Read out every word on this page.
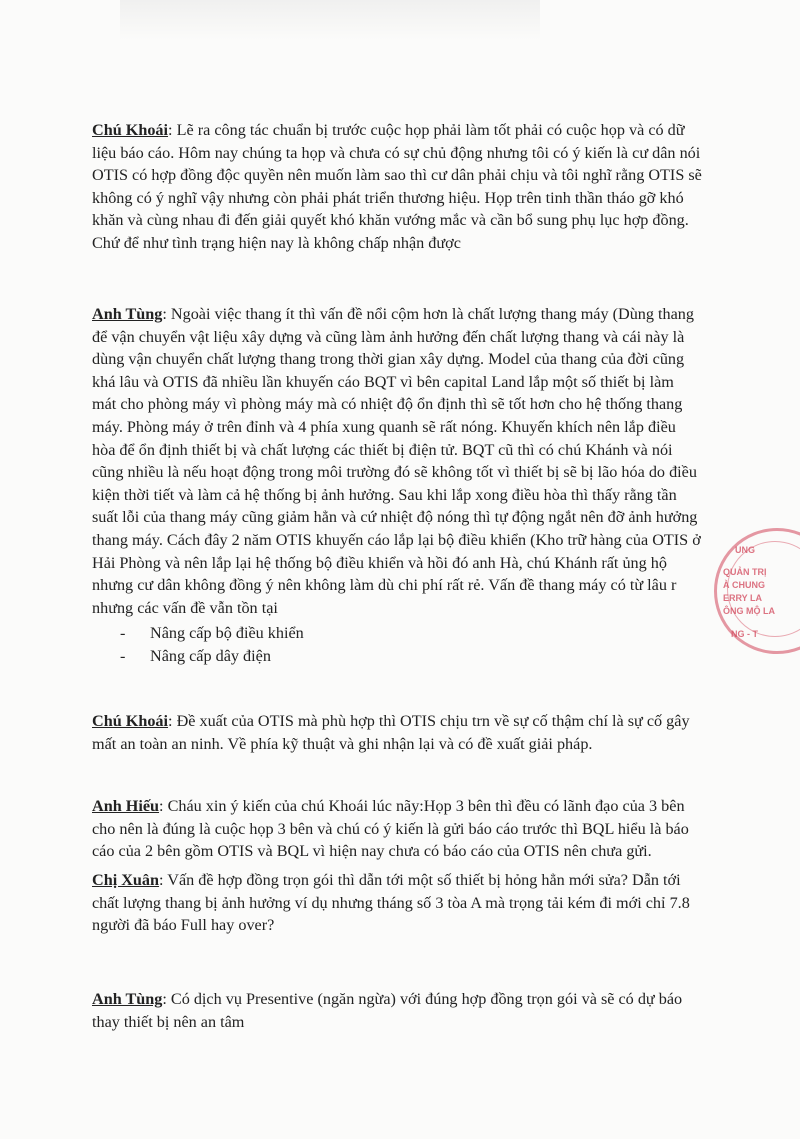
Chú Khoái: Lẽ ra công tác chuẩn bị trước cuộc họp phải làm tốt phải có cuộc họp và có dữ liệu báo cáo. Hôm nay chúng ta họp và chưa có sự chủ động nhưng tôi có ý kiến là cư dân nói OTIS có hợp đồng độc quyền nên muốn làm sao thì cư dân phải chịu và tôi nghĩ rằng OTIS sẽ không có ý nghĩ vậy nhưng còn phải phát triển thương hiệu. Họp trên tinh thần tháo gỡ khó khăn và cùng nhau đi đến giải quyết khó khăn vướng mắc và cần bổ sung phụ lục hợp đồng. Chứ để như tình trạng hiện nay là không chấp nhận được

Anh Tùng: Ngoài việc thang ít thì vấn đề nổi cộm hơn là chất lượng thang máy (Dùng thang để vận chuyển vật liệu xây dựng và cũng làm ảnh hưởng đến chất lượng thang và cái này là dùng vận chuyển chất lượng thang trong thời gian xây dựng. Model của thang của đời cũng khá lâu và OTIS đã nhiều lần khuyến cáo BQT vì bên capital Land lắp một số thiết bị làm mát cho phòng máy vì phòng máy mà có nhiệt độ ổn định thì sẽ tốt hơn cho hệ thống thang máy. Phòng máy ở trên đỉnh và 4 phía xung quanh sẽ rất nóng. Khuyến khích nên lắp điều hòa để ổn định thiết bị và chất lượng các thiết bị điện tử. BQT cũ thì có chú Khánh và nói cũng nhiều là nếu hoạt động trong môi trường đó sẽ không tốt vì thiết bị sẽ bị lão hóa do điều kiện thời tiết và làm cả hệ thống bị ảnh hưởng. Sau khi lắp xong điều hòa thì thấy rằng tần suất lỗi của thang máy cũng giảm hẳn và cứ nhiệt độ nóng thì tự động ngắt nên đỡ ảnh hưởng thang máy. Cách đây 2 năm OTIS khuyến cáo lắp lại bộ điều khiển (Kho trữ hàng của OTIS ở Hải Phòng và nên lắp lại hệ thống bộ điều khiển và hồi đó anh Hà, chú Khánh rất ủng hộ nhưng cư dân không đồng ý nên không làm dù chi phí rất rẻ. Vấn đề thang máy có từ lâu r nhưng các vấn đề vẫn tồn tại

- Nâng cấp bộ điều khiển
- Nâng cấp dây điện

Chú Khoái: Đề xuất của OTIS mà phù hợp thì OTIS chịu trn về sự cố thậm chí là sự cố gây mất an toàn an ninh. Về phía kỹ thuật và ghi nhận lại và có đề xuất giải pháp.

Anh Hiếu: Cháu xin ý kiến của chú Khoái lúc nãy:Họp 3 bên thì đều có lãnh đạo của 3 bên cho nên là đúng là cuộc họp 3 bên và chú có ý kiến là gửi báo cáo trước thì BQL hiểu là báo cáo của 2 bên gồm OTIS và BQL vì hiện nay chưa có báo cáo của OTIS nên chưa gửi.

Chị Xuân: Vấn đề hợp đồng trọn gói thì dẫn tới một số thiết bị hỏng hẳn mới sửa? Dẫn tới chất lượng thang bị ảnh hưởng ví dụ nhưng tháng số 3 tòa A mà trọng tải kém đi mới chỉ 7.8 người đã báo Full hay over?

Anh Tùng: Có dịch vụ Presentive (ngăn ngừa) với đúng hợp đồng trọn gói và sẽ có dự báo thay thiết bị nên an tâm

UNG
QUẢN TRỊ
À CHUNG
ERRY LA
ÔNG MỘ LA
NG - T
